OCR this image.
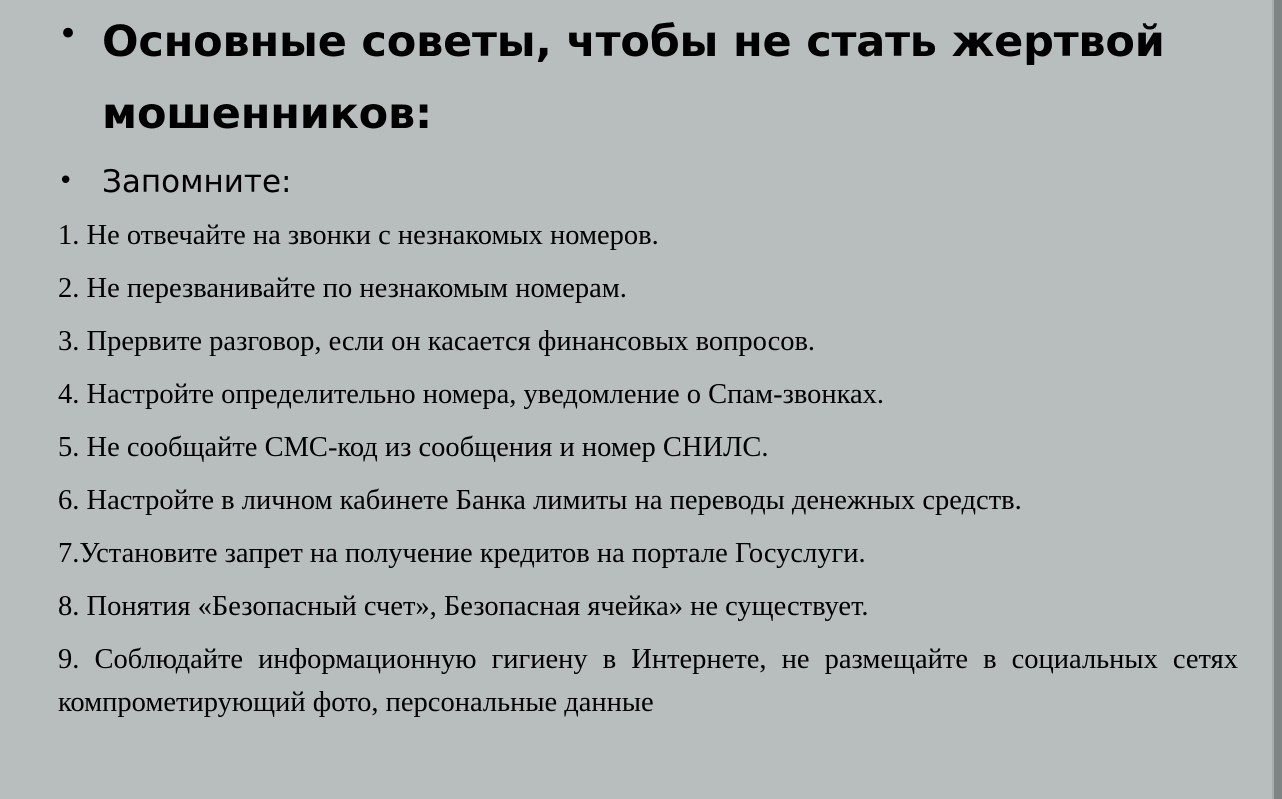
• Основные советы, чтобы не стать жертвой мошенников:
• Запомните:
1. Не отвечайте на звонки с незнакомых номеров.
2. Не перезванивайте по незнакомым номерам.
3. Прервите разговор, если он касается финансовых вопросов.
4. Настройте определительно номера, уведомление о Спам-звонках.
5. Не сообщайте СМС-код из сообщения и номер СНИЛС.
6. Настройте в личном кабинете Банка лимиты на переводы денежных средств.
7.Установите запрет на получение кредитов на портале Госуслуги.
8. Понятия «Безопасный счет», Безопасная ячейка» не существует.
9. Соблюдайте информационную гигиену в Интернете, не размещайте в социальных сетях компрометирующий фото, персональные данные
